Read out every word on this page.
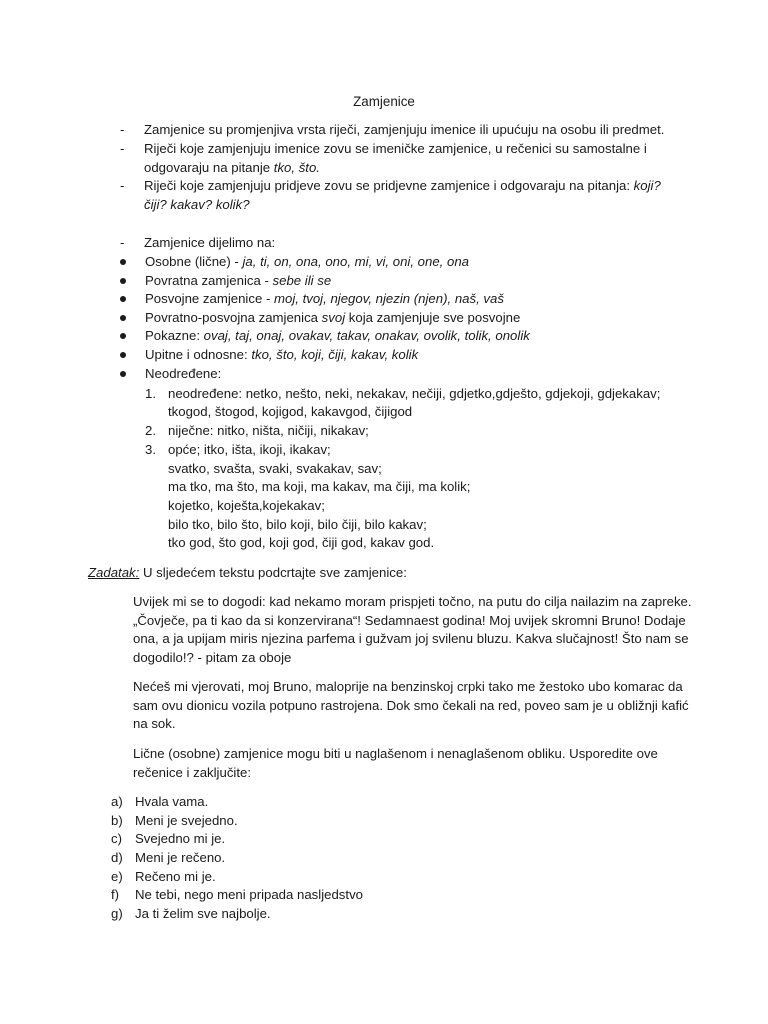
Zamjenice
-	Zamjenice su promjenjiva vrsta riječi, zamjenjuju imenice ili upućuju na osobu ili predmet.
-	Riječi koje zamjenjuju imenice zovu se imeničke zamjenice, u rečenici su samostalne i odgovaraju na pitanje tko, što.
-	Riječi koje zamjenjuju pridjeve zovu se pridjevne zamjenice i odgovaraju na pitanja: koji? čiji? kakav? kolik?
-	Zamjenice dijelimo na:
Osobne (lične) - ja, ti, on, ona, ono, mi, vi, oni, one, ona
Povratna zamjenica - sebe ili se
Posvojne zamjenice - moj, tvoj, njegov, njezin (njen), naš, vaš
Povratno-posvojna zamjenica svoj koja zamjenjuje sve posvojne
Pokazne: ovaj, taj, onaj, ovakav, takav, onakav, ovolik, tolik, onolik
Upitne i odnosne: tko, što, koji, čiji, kakav, kolik
Neodređene:
1. neodređene: netko, nešto, neki, nekakav, nečiji, gdjetko,gdješto, gdjekoji, gdjekakav;
tkogod, štogod, kojigod, kakavgod, čijigod
2. niječne: nitko, ništa, ničiji, nikakav;
3. opće; itko, išta, ikoji, ikakav;
svatko, svašta, svaki, svakakav, sav;
ma tko, ma što, ma koji, ma kakav, ma čiji, ma kolik;
kojetko, koješta,kojekakav;
bilo tko, bilo što, bilo koji, bilo čiji, bilo kakav;
tko god, što god, koji god, čiji god, kakav god.
Zadatak: U sljedećem tekstu podcrtajte sve zamjenice:
Uvijek mi se to dogodi: kad nekamo moram prispjeti točno, na putu do cilja nailazim na zapreke. „Čovječe, pa ti kao da si konzervirana“! Sedamnaest godina! Moj uvijek skromni Bruno! Dodaje ona, a ja upijam miris njezina parfema i gužvam joj svilenu bluzu. Kakva slučajnost! Što nam se dogodilo!? - pitam za oboje
Nećeš mi vjerovati, moj Bruno, maloprije na benzinskoj crpki tako me žestoko ubo komarac da sam ovu dionicu vozila potpuno rastrojena. Dok smo čekali na red, poveo sam je u obližnji kafić na sok.
Lične (osobne) zamjenice mogu biti u naglašenom i nenaglašenom obliku. Usporedite ove rečenice i zaključite:
a) Hvala vama.
b) Meni je svejedno.
c) Svejedno mi je.
d) Meni je rečeno.
e) Rečeno mi je.
f) Ne tebi, nego meni pripada nasljedstvo
g) Ja ti želim sve najbolje.
